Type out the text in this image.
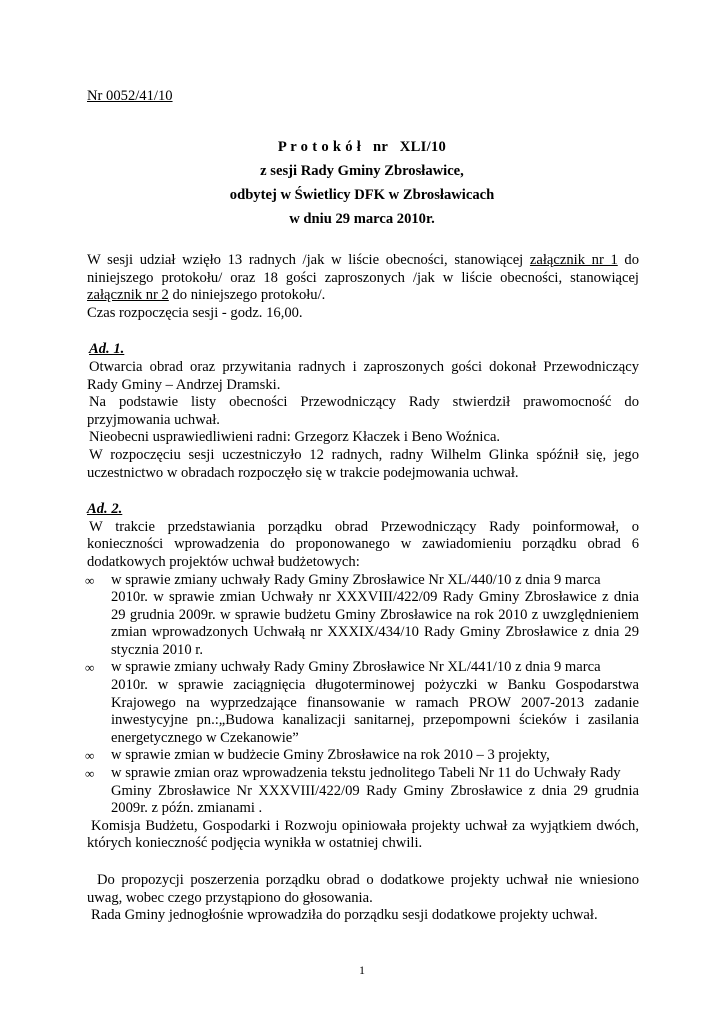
Nr 0052/41/10
P r o t o k ó ł   nr   XLI/10
z sesji Rady Gminy Zbrosławice,
odbytej w Świetlicy DFK w Zbrosławicach
w dniu 29 marca 2010r.
W sesji udział wzięło 13 radnych /jak w liście obecności, stanowiącej załącznik nr 1 do niniejszego protokołu/ oraz 18 gości zaproszonych /jak w liście obecności, stanowiącej załącznik nr 2 do niniejszego protokołu/.
Czas rozpoczęcia sesji - godz. 16,00.
Ad. 1.
Otwarcia obrad oraz przywitania radnych i zaproszonych gości dokonał Przewodniczący Rady Gminy – Andrzej Dramski.
Na podstawie listy obecności Przewodniczący Rady stwierdził prawomocność do przyjmowania uchwał.
Nieobecni usprawiedliwieni radni: Grzegorz Kłaczek i Beno Woźnica.
W rozpoczęciu sesji uczestniczyło 12 radnych, radny Wilhelm Glinka spóźnił się, jego uczestnictwo w obradach rozpoczęło się w trakcie podejmowania uchwał.
Ad. 2.
W trakcie przedstawiania porządku obrad Przewodniczący Rady poinformował, o konieczności wprowadzenia do proponowanego w zawiadomieniu porządku obrad 6 dodatkowych projektów uchwał budżetowych:
∞ w sprawie zmiany uchwały Rady Gminy Zbrosławice Nr XL/440/10 z dnia 9 marca
2010r. w sprawie zmian Uchwały nr XXXVIII/422/09 Rady Gminy Zbrosławice z dnia 29 grudnia 2009r. w sprawie budżetu Gminy Zbrosławice na rok 2010 z uwzględnieniem zmian wprowadzonych Uchwałą nr XXXIX/434/10 Rady Gminy Zbrosławice z dnia 29 stycznia 2010 r.
∞ w sprawie zmiany uchwały Rady Gminy Zbrosławice Nr XL/441/10 z dnia 9 marca
2010r. w sprawie zaciągnięcia długoterminowej pożyczki w Banku Gospodarstwa Krajowego na wyprzedzające finansowanie w ramach PROW 2007-2013 zadanie inwestycyjne pn.:„Budowa kanalizacji sanitarnej, przepompowni ścieków i zasilania energetycznego w Czekanowie”
∞ w sprawie zmian w budżecie Gminy Zbrosławice na rok 2010 – 3 projekty,
∞ w sprawie zmian oraz wprowadzenia tekstu jednolitego Tabeli Nr 11 do Uchwały Rady
Gminy Zbrosławice Nr XXXVIII/422/09 Rady Gminy Zbrosławice z dnia 29 grudnia 2009r. z późn. zmianami .
Komisja Budżetu, Gospodarki i Rozwoju opiniowała projekty uchwał za wyjątkiem dwóch, których konieczność podjęcia wynikła w ostatniej chwili.
Do propozycji poszerzenia porządku obrad o dodatkowe projekty uchwał nie wniesiono uwag, wobec czego przystąpiono do głosowania.
Rada Gminy jednogłośnie wprowadziła do porządku sesji dodatkowe projekty uchwał.
1
